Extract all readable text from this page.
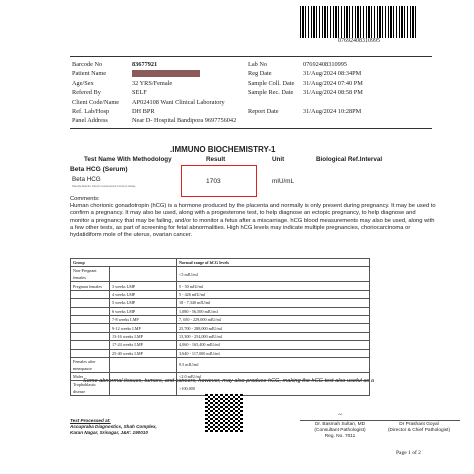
07692408310995
Barcode No	83677921
Patient Name
Age/Sex	32 YRS/Female
Refered By	SELF
Client Code/Name	AP024108 Wani Clinical Laboratory
Ref. Lab/Hosp	DH BPR
Panel Address	Near D- Hospital Bandipora 9697756042
Lab No	07692408310995
Reg Date	31/Aug/2024 08:34PM
Sample Coll. Date	31/Aug/2024 07:40 PM
Sample Rec. Date	31/Aug/2024 08:58 PM
Report Date	31/Aug/2024 10:28PM
.IMMUNO BIOCHEMISTRY-1
Test Name With Methodology	Result	Unit	Biological Ref.Interval
Beta HCG (Serum)
Beta HCG
Sample Electro Chemi Luminescent Immuno Assay
1703	mIU/mL
Comments:
Human chorionic gonadotropin (hCG) is a hormone produced by the placenta and normally is only present during pregnancy. It may be used to confirm a pregnancy. It may also be used, along with a progesterone test, to help diagnose an ectopic pregnancy, to help diagnose and monitor a pregnancy that may be failing, and/or to monitor a fetus after a miscarriage. hCG blood measurements may also be used, along with a few other tests, as part of screening for fetal abnormalities. High hCG levels may indicate multiple pregnancies, choriocarcinoma or hydatidiform mole of the uterus, ovarian cancer.
Group		Normal range of hCG levels
Non-Pregnant females		<5 mIU/ml
Pregnant females	3 weeks LMP	5 - 50 mIU/ml
	4 weeks LMP	5 - 426 mIU/ml
	5 weeks LMP	18 - 7,340 mIU/ml
	6 weeks LMP	1,080 - 56,500 mIU/ml
	7-8 weeks LMP	7, 650 - 229,000 mIU/ml
	9-12 weeks LMP	25,700 - 288,000 mIU/ml
	13-16 weeks LMP	13,300 - 254,000 mIU/ml
	17-24 weeks LMP	4,060 - 165,400 mIU/ml
	25-40 weeks LMP	3,640 - 117,000 mIU/ml
Females after menopause		9.5 mIU/ml
Males		<2.0 mIU/ml
Trophoblastic disease		>100,000
Some abnormal tissues, tumors, and cancers, however, may also produce hCG, making the hCG test also useful as a
Test Processed at:
Accupraba Diagnostics, Shah Complex,
Karan Nagar, Srinagar, J&K: 190010
~
Dr. Basmah Sultan, MD
(Consultant Pathologist)
Reg. No. 7011
Dr Prashant Goyal
(Director & Chief Pathologist)
Page 1 of 2
